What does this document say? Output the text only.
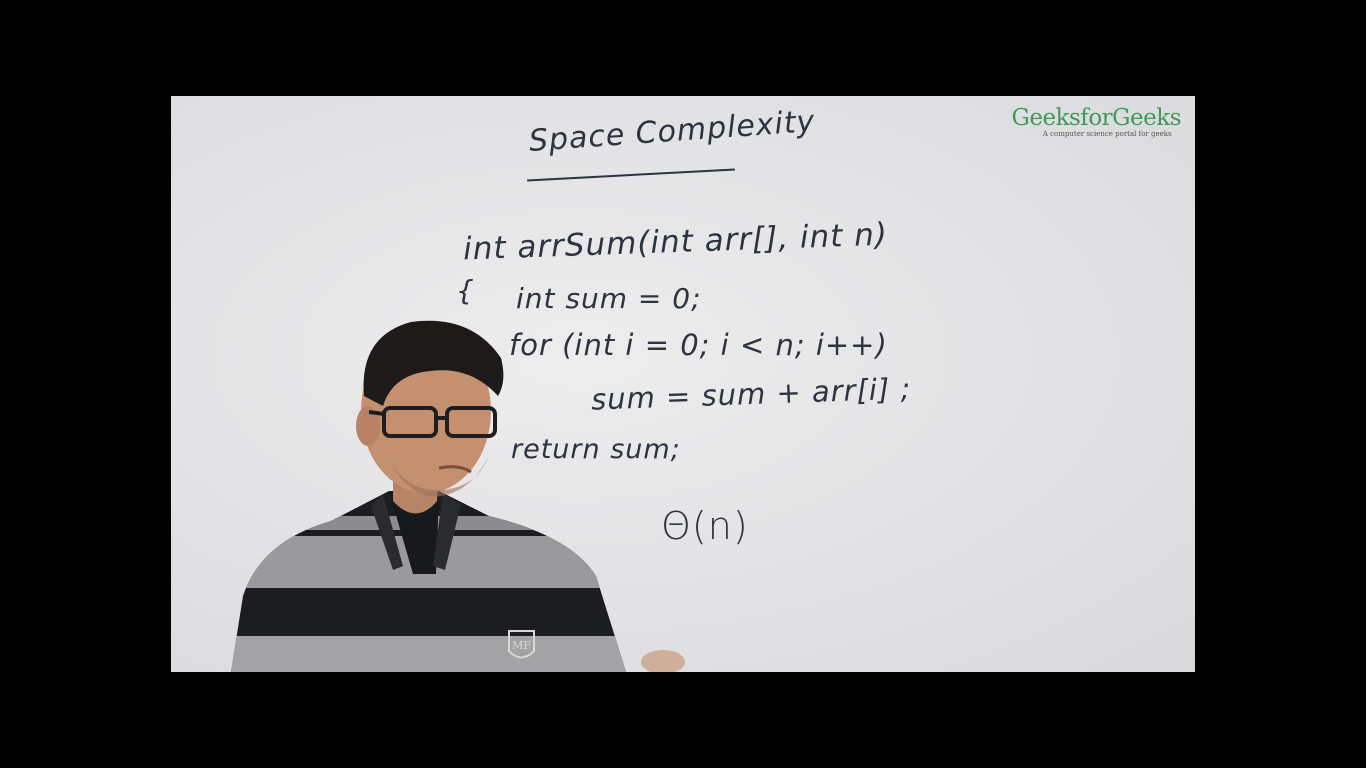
GeeksforGeeks
A computer science portal for geeks
Space Complexity
int arrSum(int arr[], int n)
{ int sum = 0;
for (int i = 0; i < n; i++)
sum = sum + arr[i] ;
return sum;
Θ(n)
MF
